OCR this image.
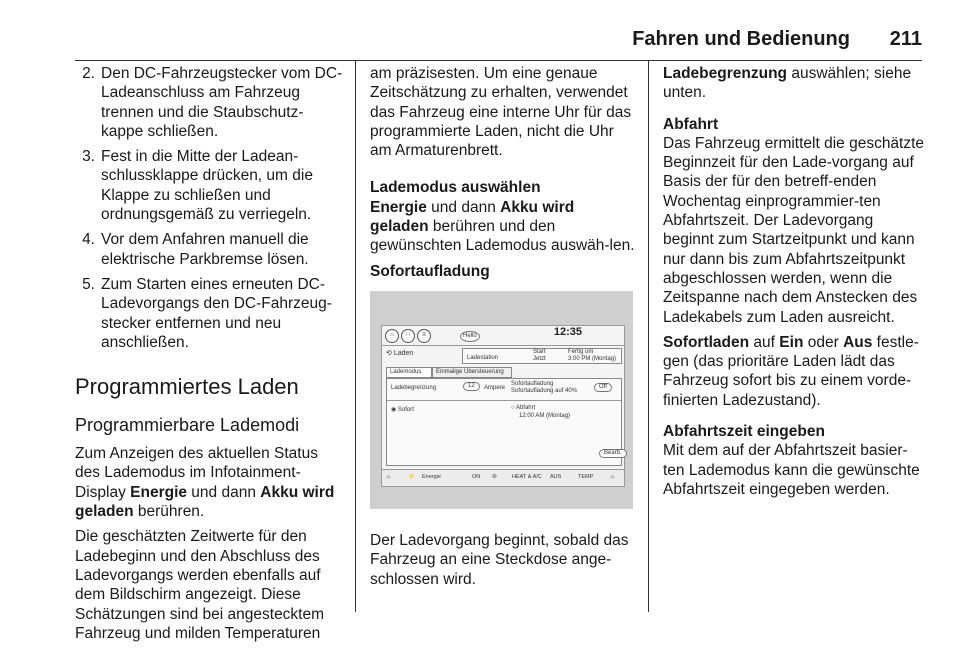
Fahren und Bedienung 211
2. Den DC-Fahrzeugstecker vom DC-Ladeanschluss am Fahrzeug trennen und die Staubschutz-kappe schließen.
3. Fest in die Mitte der Ladean-schlussklappe drücken, um die Klappe zu schließen und ordnungsgemäß zu verriegeln.
4. Vor dem Anfahren manuell die elektrische Parkbremse lösen.
5. Zum Starten eines erneuten DC-Ladevorgangs den DC-Fahrzeug-stecker entfernen und neu anschließen.
Programmiertes Laden
Programmierbare Lademodi
Zum Anzeigen des aktuellen Status des Lademodus im Infotainment-Display Energie und dann Akku wird geladen berühren.
Die geschätzten Zeitwerte für den Ladebeginn und den Abschluss des Ladevorgangs werden ebenfalls auf dem Bildschirm angezeigt. Diese Schätzungen sind bei angestecktem Fahrzeug und milden Temperaturen
am präzisesten. Um eine genaue Zeitschätzung zu erhalten, verwendet das Fahrzeug eine interne Uhr für das programmierte Laden, nicht die Uhr am Armaturenbrett.
Lademodus auswählen
Energie und dann Akku wird geladen berühren und den gewünschten Lademodus auswäh-len.
Sofortaufladung
⌂	∷	≡	Hello	12:35
⟲ Laden
Ladestation
Start
Jetzt
Fertig um
3:00 PM (Montag)
Lademodus	Einmalige Übersteuerung
Ladebegrenzung	12	Ampere
Sofortaufladung
Sofortaufladung auf 40%
Off
◉ Sofort	○ Abfahrt
12:00 AM (Montag)
Bearb.
♨	⚡ Energie	ON ✇	HEAT & A/C AUS	TEMP	♨
Der Ladevorgang beginnt, sobald das Fahrzeug an eine Steckdose ange-schlossen wird.
Ladebegrenzung auswählen; siehe unten.
Abfahrt
Das Fahrzeug ermittelt die geschätzte Beginnzeit für den Lade-vorgang auf Basis der für den betreff-enden Wochentag einprogrammier-ten Abfahrtszeit. Der Ladevorgang beginnt zum Startzeitpunkt und kann nur dann bis zum Abfahrtszeitpunkt abgeschlossen werden, wenn die Zeitspanne nach dem Anstecken des Ladekabels zum Laden ausreicht.
Sofortladen auf Ein oder Aus festle-gen (das prioritäre Laden lädt das Fahrzeug sofort bis zu einem vorde-finierten Ladezustand).
Abfahrtszeit eingeben
Mit dem auf der Abfahrtszeit basier-ten Lademodus kann die gewünschte Abfahrtszeit eingegeben werden.
